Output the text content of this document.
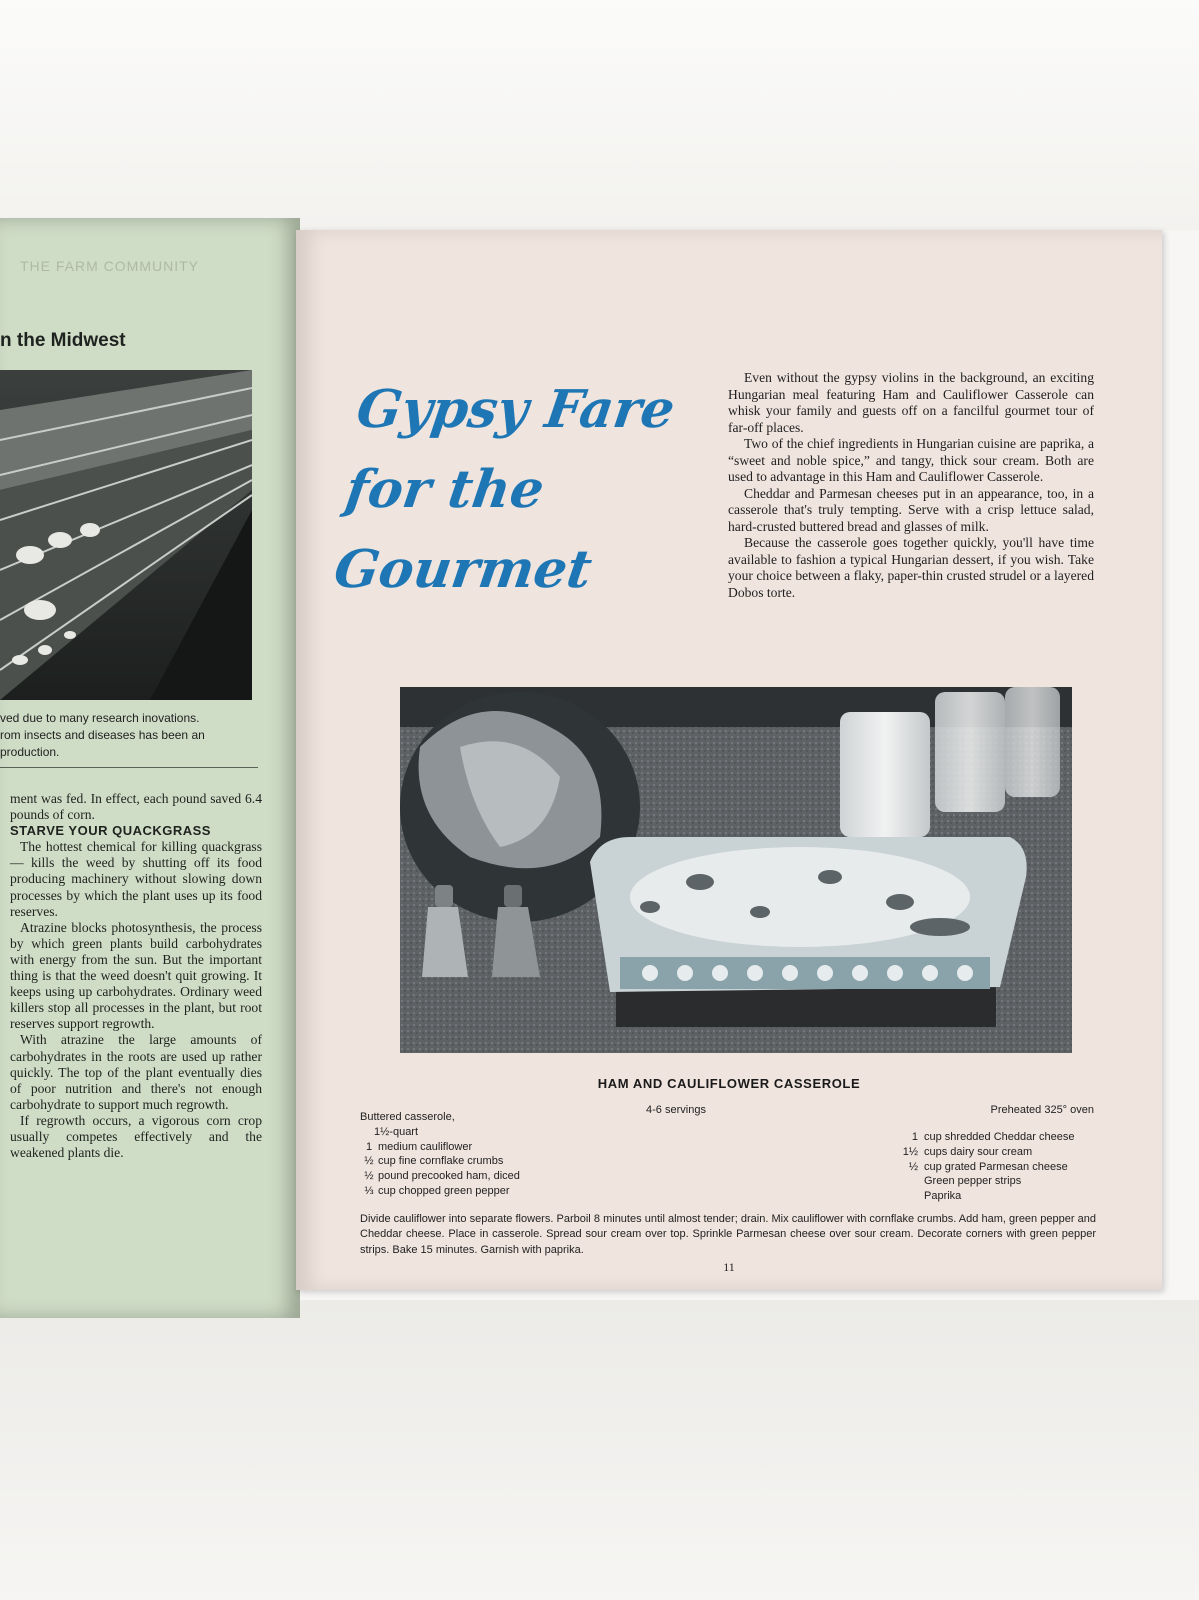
THE FARM COMMUNITY
n the Midwest
ved due to many research inovations.
rom insects and diseases has been an
production.

ment was fed. In effect, each pound saved 6.4 pounds of corn.

STARVE YOUR QUACKGRASS

The hottest chemical for killing quackgrass — kills the weed by shutting off its food producing machinery without slowing down processes by which the plant uses up its food reserves.

Atrazine blocks photosynthesis, the process by which green plants build carbohydrates with energy from the sun. But the important thing is that the weed doesn't quit growing. It keeps using up carbohydrates. Ordinary weed killers stop all processes in the plant, but root reserves support regrowth.

With atrazine the large amounts of carbohydrates in the roots are used up rather quickly. The top of the plant eventually dies of poor nutrition and there's not enough carbohydrate to support much regrowth.

If regrowth occurs, a vigorous corn crop usually competes effectively and the weakened plants die.

Gypsy Fare
for the
Gourmet

Even without the gypsy violins in the background, an exciting Hungarian meal featuring Ham and Cauliflower Casserole can whisk your family and guests off on a fancilful gourmet tour of far-off places.

Two of the chief ingredients in Hungarian cuisine are paprika, a “sweet and noble spice,” and tangy, thick sour cream. Both are used to advantage in this Ham and Cauliflower Casserole.

Cheddar and Parmesan cheeses put in an appearance, too, in a casserole that's truly tempting. Serve with a crisp lettuce salad, hard-crusted buttered bread and glasses of milk.

Because the casserole goes together quickly, you'll have time available to fashion a typical Hungarian dessert, if you wish. Take your choice between a flaky, paper-thin crusted strudel or a layered Dobos torte.

HAM AND CAULIFLOWER CASSEROLE
4-6 servings	Preheated 325° oven
Buttered casserole,
1½-quart
1 medium cauliflower
½ cup fine cornflake crumbs
½ pound precooked ham, diced
⅓ cup chopped green pepper
1 cup shredded Cheddar cheese
1½ cups dairy sour cream
½ cup grated Parmesan cheese
Green pepper strips
Paprika
Divide cauliflower into separate flowers. Parboil 8 minutes until almost tender; drain. Mix cauliflower with cornflake crumbs. Add ham, green pepper and Cheddar cheese. Place in casserole. Spread sour cream over top. Sprinkle Parmesan cheese over sour cream. Decorate corners with green pepper strips. Bake 15 minutes. Garnish with paprika.
11
